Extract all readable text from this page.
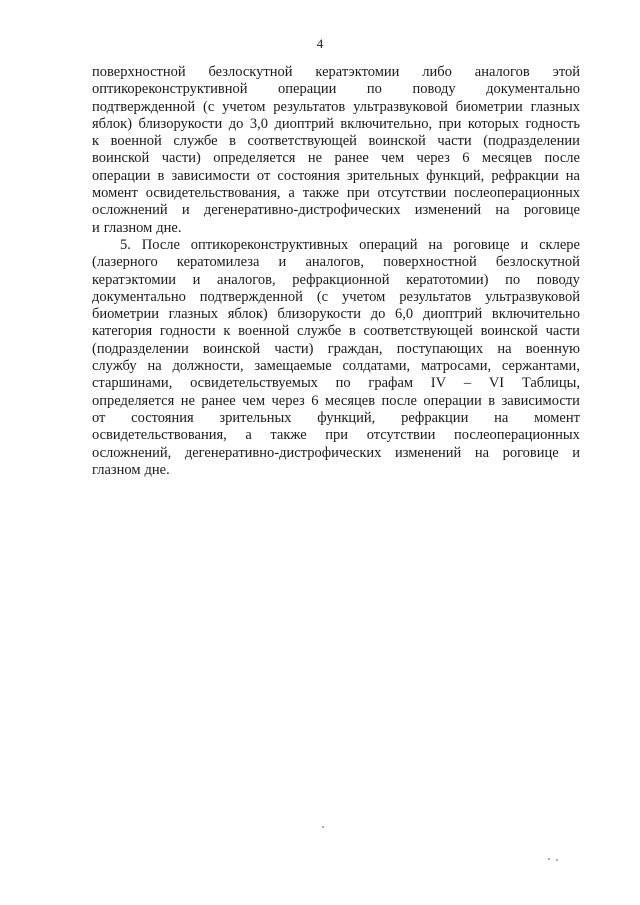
4
поверхностной безлоскутной кератэктомии либо аналогов этой
оптикореконструктивной операции по поводу документально
подтвержденной (с учетом результатов ультразвуковой биометрии глазных
яблок) близорукости до 3,0 диоптрий включительно, при которых годность
к военной службе в соответствующей воинской части (подразделении
воинской части) определяется не ранее чем через 6 месяцев после
операции в зависимости от состояния зрительных функций, рефракции на
момент освидетельствования, а также при отсутствии послеоперационных
осложнений и дегенеративно-дистрофических изменений на роговице
и глазном дне.
5. После оптикореконструктивных операций на роговице и склере
(лазерного кератомилеза и аналогов, поверхностной безлоскутной
кератэктомии и аналогов, рефракционной кератотомии) по поводу
документально подтвержденной (с учетом результатов ультразвуковой
биометрии глазных яблок) близорукости до 6,0 диоптрий включительно
категория годности к военной службе в соответствующей воинской части
(подразделении воинской части) граждан, поступающих на военную
службу на должности, замещаемые солдатами, матросами, сержантами,
старшинами, освидетельствуемых по графам IV – VI Таблицы,
определяется не ранее чем через 6 месяцев после операции в зависимости
от состояния зрительных функций, рефракции на момент
освидетельствования, а также при отсутствии послеоперационных
осложнений, дегенеративно-дистрофических изменений на роговице и
глазном дне.
